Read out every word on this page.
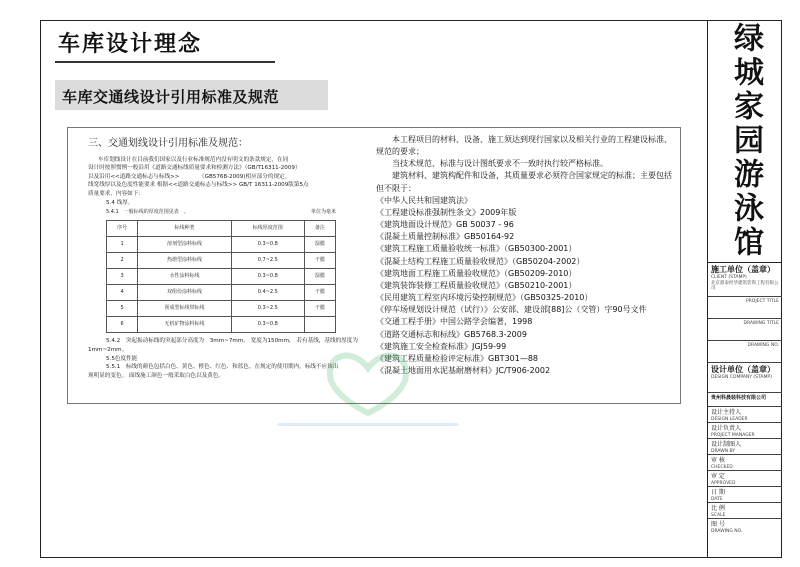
车库设计理念
车库交通线设计引用标准及规范
三、交通划线设计引用标准及规范：

车库划线设计在目前我们国家以及行业标准规范内没有明文的条款规定，在同

设计时按照惯例一般沿用《道路交通标线质量要求和检测方法》（GB/T16311-2009）

以及沿用<<道路交通标志与标线>>　　　　（GB5768-2009)相应部分的规定。

线宽线厚以及色度性能要求 根据<<道路交通标志与标线>> GB/T 16311-2009版第5点

质量要求，内容如下：

5.4 线厚。

5.4.1　一般标线的厚度范围见表　。	单位为毫米
序号	标线种类	标线厚度范围	备注
1	溶剂型涂料标线	0.3~0.8	湿膜
2	热熔型涂料标线	0.7~2.5	干膜
3	水性涂料标线	0.3~0.8	湿膜
4	双组份涂料标线	0.4~2.5	干膜
5	预成型标线带标线	0.3~2.5	干膜
6	无机矿物涂料标线	0.3~0.8	

5.4.2　突起振动标线的突起部分高度为　3mm~7mm,　宽度为150mm,　若有基线，基线的厚度为

1mm~2mm。

5.5色度性能

5.5.1　标线的颜色包括白色、黄色、橙色、红色、和蓝色。在规定的使用期内，标线不应该出

现明显的变色。 面线施工颜色一般采取白色以及黄色。

本工程项目的材料、设备、施工须达到现行国家以及相关行业的工程建设标准、规范的要求；

当技术规范、标准与设计图纸要求不一致时执行较严格标准。

建筑材料、建筑构配件和设备，其质量要求必须符合国家规定的标准；主要包括但不限于：

《中华人民共和国建筑法》

《工程建设标准强制性条文》2009年版

《建筑地面设计规范》GB 50037 - 96

《混凝土质量控制标准》GB50164-92

《建筑工程施工质量验收统一标准》（GB50300-2001）

《混凝土结构工程施工质量验收规范》（GB50204-2002）

《建筑地面工程施工质量验收规范》（GB50209-2010）

《建筑装饰装修工程质量验收规范》（GB50210-2001）

《民用建筑工程室内环境污染控制规范》（GB50325-2010）

《停车场规划设计规范（试行）》公安部、建设部[88]公（交管）字90号文件

《交通工程手册》中国公路学会编著，1998

《道路交通标志和标线》GB5768.3-2009

《建筑施工安全检查标准》JGJ59-99

《建筑工程质量检验评定标准》GBT301—88

《混凝土地面用水泥基耐磨材料》JC/T906-2002

绿城家园游泳馆
施工单位（盖章）
CLIENT (STAMP)
北京鼎泰经华建筑装饰工程有限公司
PROJECT TITLE
DRAWING TITLE
DRAWING NO.
设计单位（盖章）
DESIGN COMPANY (STAMP)
贵州科晨装科技有限公司
设计主持人
DESIGN LEADER
设计负责人
PROJECT MANAGER
设计制图人
DRAWN BY
审 核
CHECKED
审 定
APPROVED
日 期
DATE
比 例
SCALE
图 号
DRAWING NO.
